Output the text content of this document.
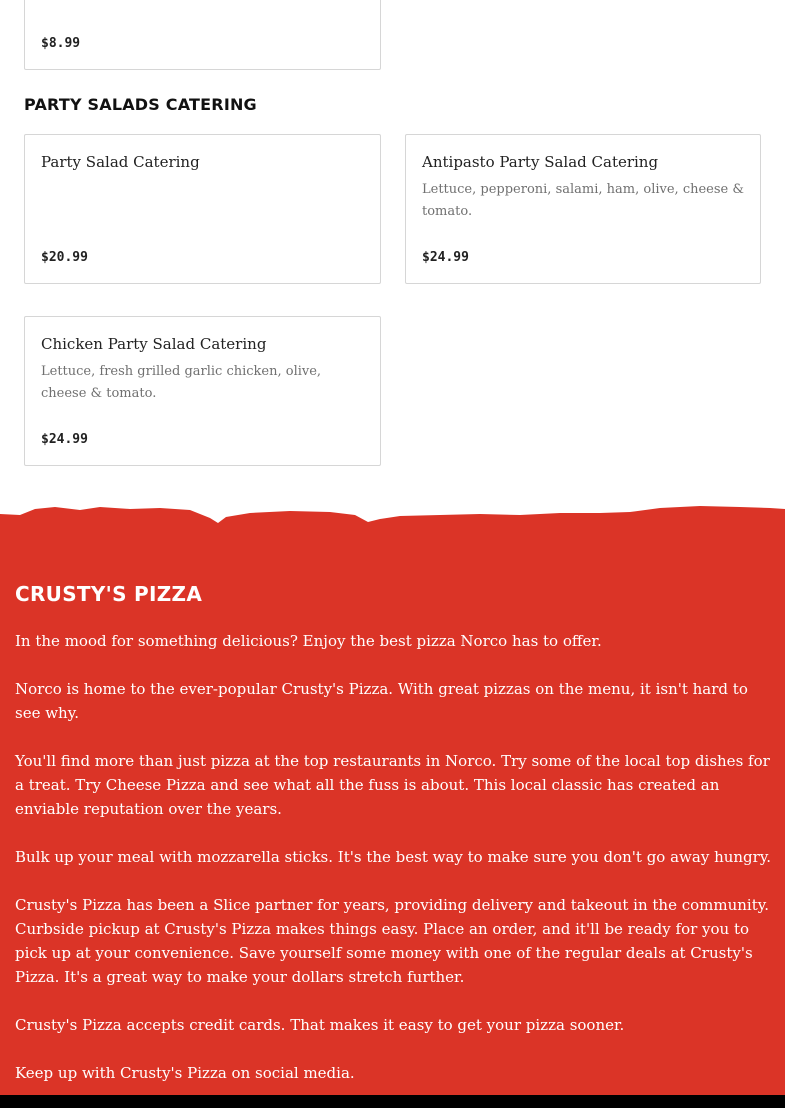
$8.99
PARTY SALADS CATERING
Party Salad Catering
$20.99
Antipasto Party Salad Catering
Lettuce, pepperoni, salami, ham, olive, cheese & tomato.
$24.99
Chicken Party Salad Catering
Lettuce, fresh grilled garlic chicken, olive, cheese & tomato.
$24.99
CRUSTY'S PIZZA

In the mood for something delicious? Enjoy the best pizza Norco has to offer.

Norco is home to the ever-popular Crusty's Pizza. With great pizzas on the menu, it isn't hard to see why.

You'll find more than just pizza at the top restaurants in Norco. Try some of the local top dishes for a treat. Try Cheese Pizza and see what all the fuss is about. This local classic has created an enviable reputation over the years.

Bulk up your meal with mozzarella sticks. It's the best way to make sure you don't go away hungry.

Crusty's Pizza has been a Slice partner for years, providing delivery and takeout in the community. Curbside pickup at Crusty's Pizza makes things easy. Place an order, and it'll be ready for you to pick up at your convenience. Save yourself some money with one of the regular deals at Crusty's Pizza. It's a great way to make your dollars stretch further.

Crusty's Pizza accepts credit cards. That makes it easy to get your pizza sooner.

Keep up with Crusty's Pizza on social media.
